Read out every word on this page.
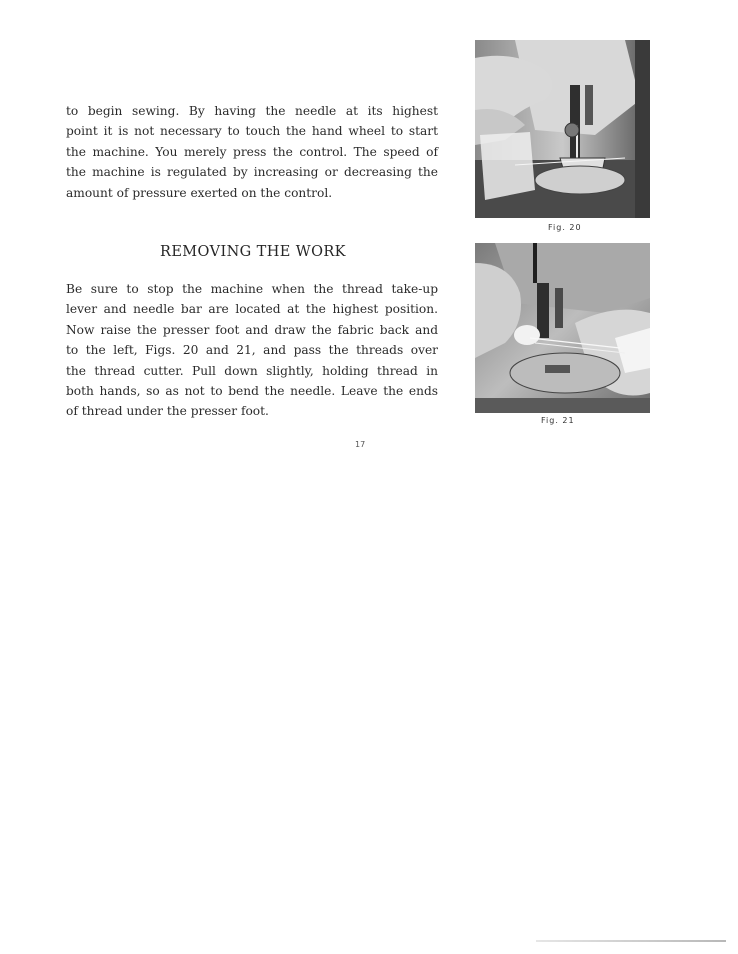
to begin sewing. By having the needle at its highest
point it is not necessary to touch the hand wheel to start
the machine. You merely press the control. The speed of
the machine is regulated by increasing or decreasing the
amount of pressure exerted on the control.
REMOVING THE WORK
Be sure to stop the machine when the thread take-up
lever and needle bar are located at the highest position.
Now raise the presser foot and draw the fabric back and
to the left, Figs. 20 and 21, and pass the threads over
the thread cutter. Pull down slightly, holding thread in
both hands, so as not to bend the needle. Leave the ends
of thread under the presser foot.
Fig. 20
Fig. 21
17
